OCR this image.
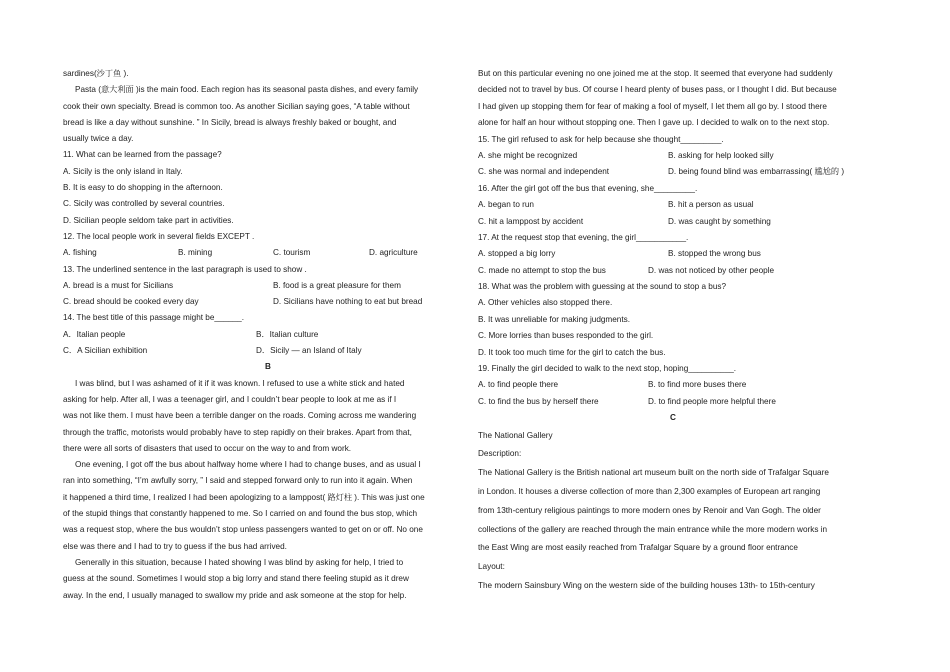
sardines(沙丁鱼 ).
Pasta (意大利面 )is the main food. Each region has its seasonal pasta dishes, and every family
cook their own specialty. Bread is common too. As another Sicilian saying goes, “A table without
bread is like a day without sunshine. ” In Sicily, bread is always freshly baked or bought, and
usually twice a day.
11. What can be learned from the passage?
A. Sicily is the only island in Italy.
B. It is easy to do shopping in the afternoon.
C. Sicily was controlled by several countries.
D. Sicilian people seldom take part in activities.
12. The local people work in several fields EXCEPT .
A. fishing	B. mining	C. tourism	D. agriculture
13. The underlined sentence in the last paragraph is used to show .
A. bread is a must for Sicilians	B. food is a great pleasure for them
C. bread should be cooked every day	D. Sicilians have nothing to eat but bread
14. The best title of this passage might be______.
A．Italian people	B．Italian culture
C．A Sicilian exhibition	D．Sicily — an Island of Italy
B
I was blind, but I was ashamed of it if it was known. I refused to use a white stick and hated
asking for help. After all, I was a teenager girl, and I couldn’t bear people to look at me as if I
was not like them. I must have been a terrible danger on the roads. Coming across me wandering
through the traffic, motorists would probably have to step rapidly on their brakes. Apart from that,
there were all sorts of disasters that used to occur on the way to and from work.
One evening, I got off the bus about halfway home where I had to change buses, and as usual I
ran into something, “I’m awfully sorry, ” I said and stepped forward only to run into it again. When
it happened a third time, I realized I had been apologizing to a lamppost( 路灯柱 ). This was just one
of the stupid things that constantly happened to me. So I carried on and found the bus stop, which
was a request stop, where the bus wouldn’t stop unless passengers wanted to get on or off. No one
else was there and I had to try to guess if the bus had arrived.
Generally in this situation, because I hated showing I was blind by asking for help, I tried to
guess at the sound. Sometimes I would stop a big lorry and stand there feeling stupid as it drew
away. In the end, I usually managed to swallow my pride and ask someone at the stop for help.
But on this particular evening no one joined me at the stop. It seemed that everyone had suddenly
decided not to travel by bus. Of course I heard plenty of buses pass, or I thought I did. But because
I had given up stopping them for fear of making a fool of myself, I let them all go by. I stood there
alone for half an hour without stopping one. Then I gave up. I decided to walk on to the next stop.
15. The girl refused to ask for help because she thought_________.
A. she might be recognized	B. asking for help looked silly
C. she was normal and independent	D. being found blind was embarrassing( 尴尬的 )
16. After the girl got off the bus that evening, she_________.
A. began to run	B. hit a person as usual
C. hit a lamppost by accident	D. was caught by something
17. At the request stop that evening, the girl___________.
A. stopped a big lorry	B. stopped the wrong bus
C. made no attempt to stop the bus	D. was not noticed by other people
18. What was the problem with guessing at the sound to stop a bus?
A. Other vehicles also stopped there.
B. It was unreliable for making judgments.
C. More lorries than buses responded to the girl.
D. It took too much time for the girl to catch the bus.
19. Finally the girl decided to walk to the next stop, hoping__________.
A. to find people there	B. to find more buses there
C. to find the bus by herself there	D. to find people more helpful there
C
The National Gallery
Description:
The National Gallery is the British national art museum built on the north side of Trafalgar Square
in London. It houses a diverse collection of more than 2,300 examples of European art ranging
from 13th-century religious paintings to more modern ones by Renoir and Van Gogh. The older
collections of the gallery are reached through the main entrance while the more modern works in
the East Wing are most easily reached from Trafalgar Square by a ground floor entrance
Layout:
The modern Sainsbury Wing on the western side of the building houses 13th- to 15th-century
